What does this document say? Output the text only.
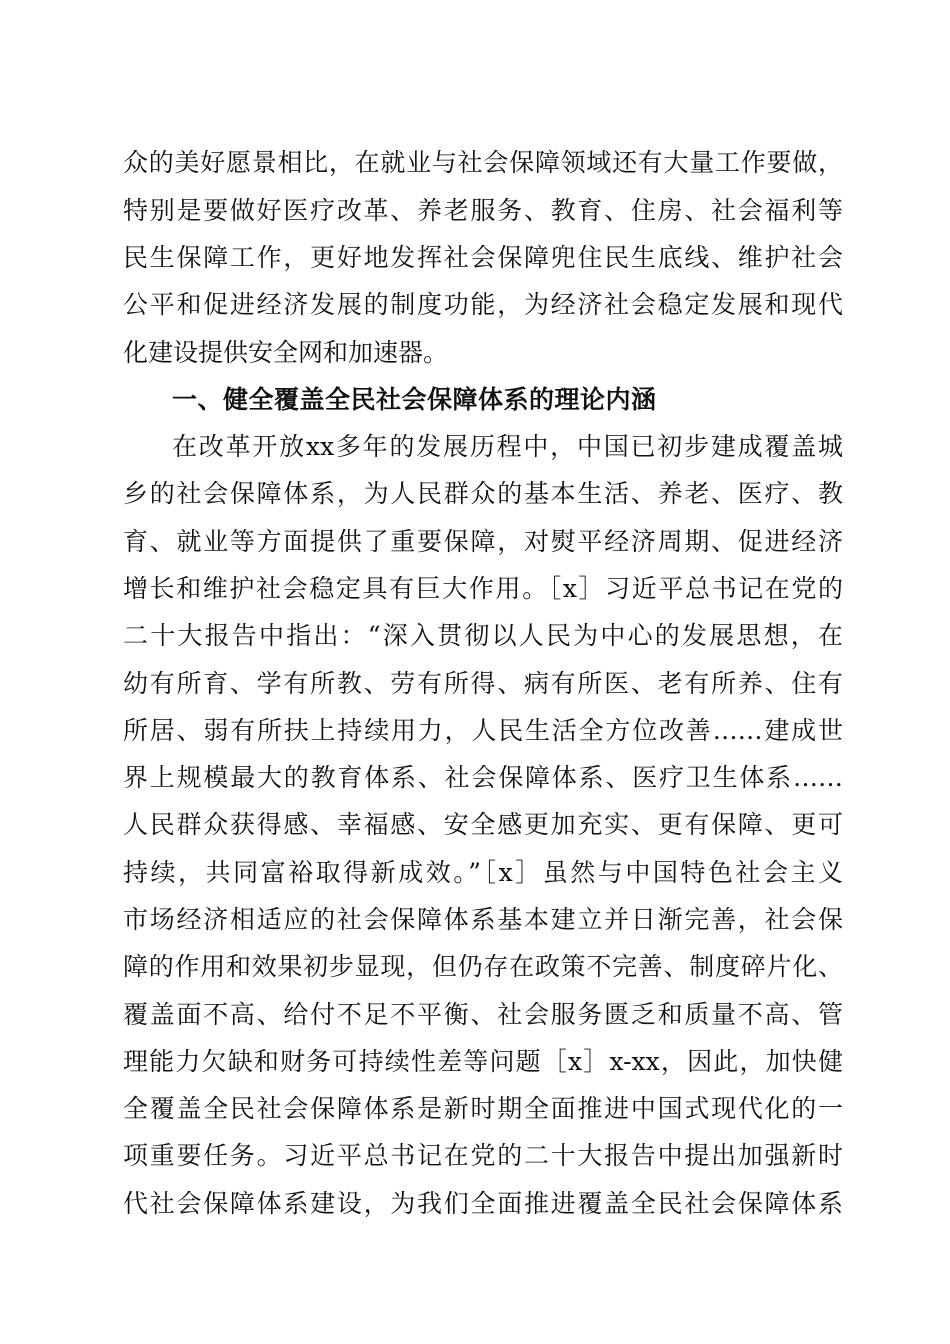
众的美好愿景相比，在就业与社会保障领域还有大量工作要做，
特别是要做好医疗改革、养老服务、教育、住房、社会福利等
民生保障工作，更好地发挥社会保障兜住民生底线、维护社会
公平和促进经济发展的制度功能，为经济社会稳定发展和现代
化建设提供安全网和加速器。
一、健全覆盖全民社会保障体系的理论内涵
在改革开放xx多年的发展历程中，中国已初步建成覆盖城
乡的社会保障体系，为人民群众的基本生活、养老、医疗、教
育、就业等方面提供了重要保障，对熨平经济周期、促进经济
增长和维护社会稳定具有巨大作用。［x］习近平总书记在党的
二十大报告中指出：“深入贯彻以人民为中心的发展思想，在
幼有所育、学有所教、劳有所得、病有所医、老有所养、住有
所居、弱有所扶上持续用力，人民生活全方位改善……建成世
界上规模最大的教育体系、社会保障体系、医疗卫生体系……
人民群众获得感、幸福感、安全感更加充实、更有保障、更可
持续，共同富裕取得新成效。”［x］虽然与中国特色社会主义
市场经济相适应的社会保障体系基本建立并日渐完善，社会保
障的作用和效果初步显现，但仍存在政策不完善、制度碎片化、
覆盖面不高、给付不足不平衡、社会服务匮乏和质量不高、管
理能力欠缺和财务可持续性差等问题［x］x-xx，因此，加快健
全覆盖全民社会保障体系是新时期全面推进中国式现代化的一
项重要任务。习近平总书记在党的二十大报告中提出加强新时
代社会保障体系建设，为我们全面推进覆盖全民社会保障体系
